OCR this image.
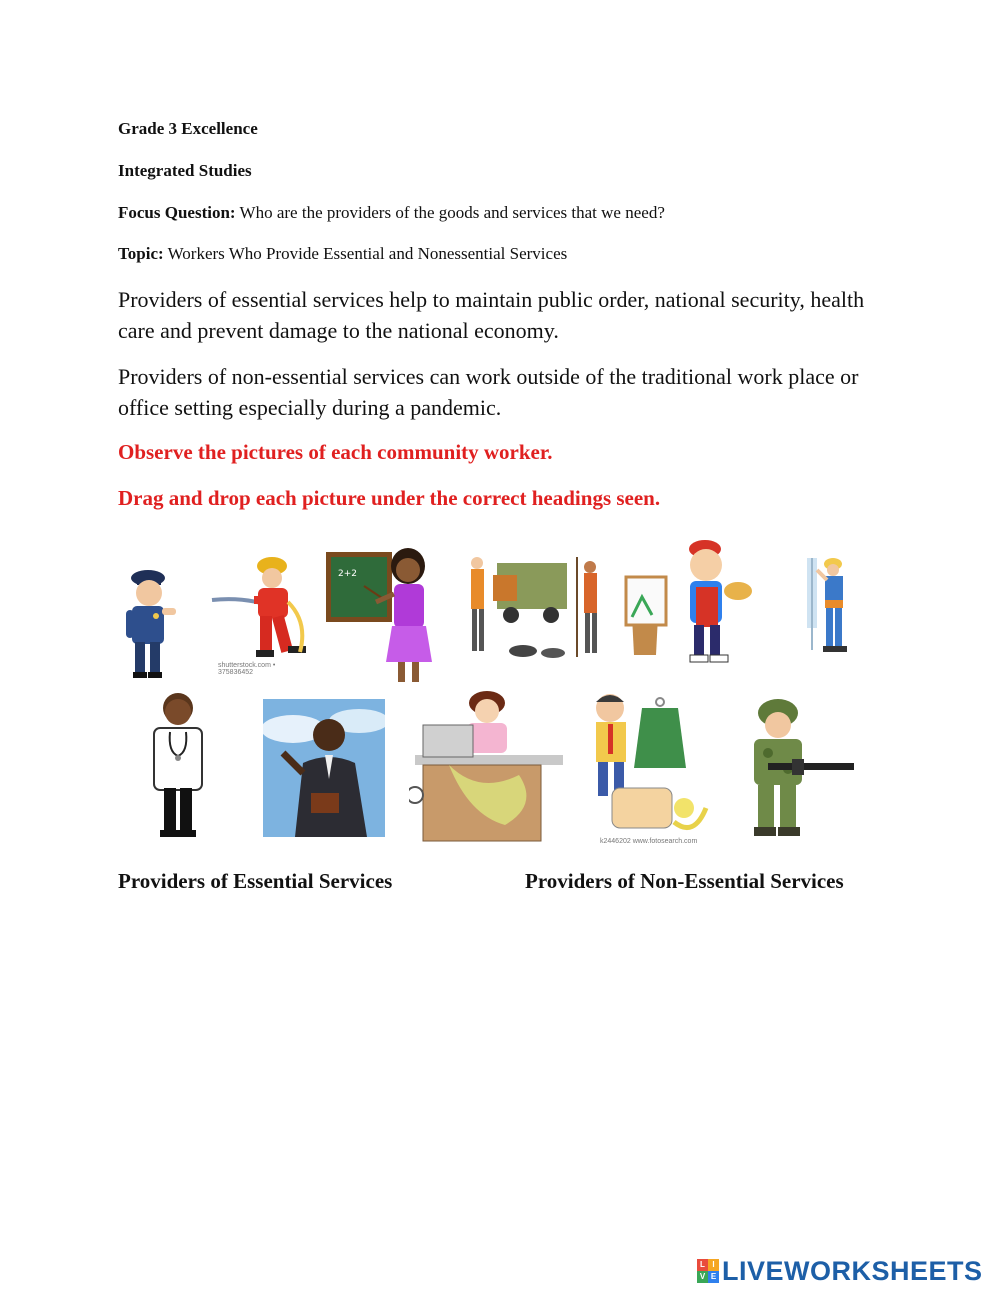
Grade 3 Excellence
Integrated Studies
Focus Question: Who are the providers of the goods and services that we need?
Topic: Workers Who Provide Essential and Nonessential Services
Providers of essential services help to maintain public order, national security, health care and prevent damage to the national economy.
Providers of non-essential services can work outside of the traditional work place or office setting especially during a pandemic.
Observe the pictures of each community worker.
Drag and drop each picture under the correct headings seen.
shutterstock.com • 375836452
2+2
k2446202 www.fotosearch.com
Providers of Essential Services	Providers of Non-Essential Services
L I
V E LIVEWORKSHEETS
